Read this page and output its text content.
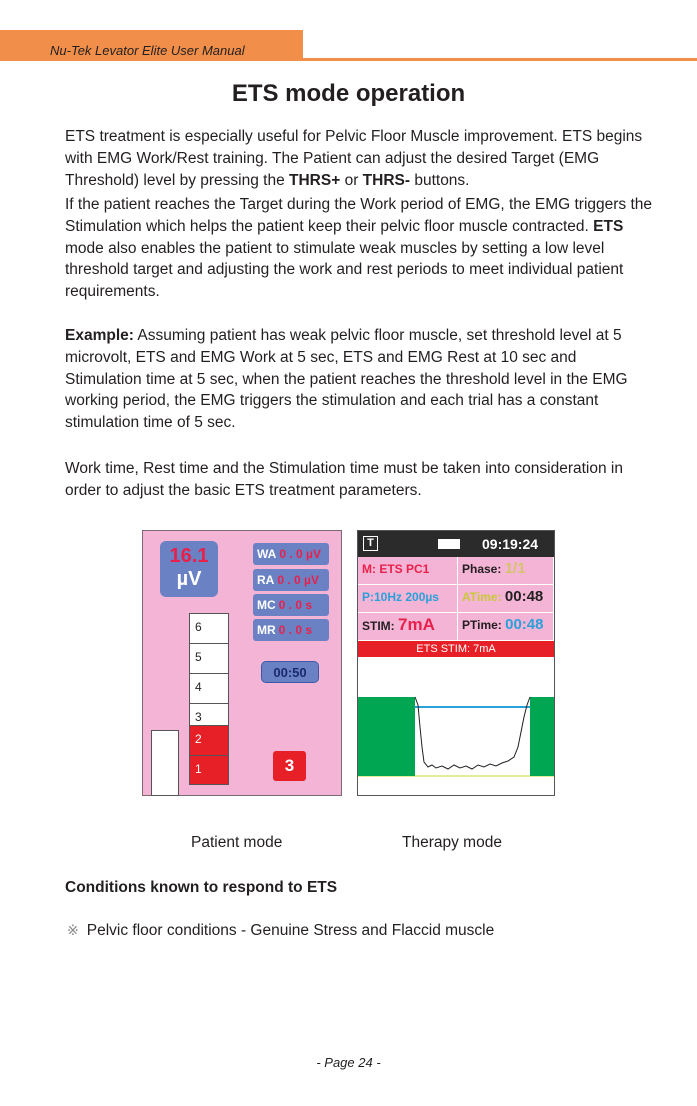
Nu-Tek Levator Elite User Manual
ETS mode operation

ETS treatment is especially useful for Pelvic Floor Muscle improvement. ETS begins with EMG Work/Rest training. The Patient can adjust the desired Target (EMG Threshold) level by pressing the THRS+ or THRS- buttons.

If the patient reaches the Target during the Work period of EMG, the EMG triggers the Stimulation which helps the patient keep their pelvic floor muscle contracted. ETS mode also enables the patient to stimulate weak muscles by setting a low level threshold target and adjusting the work and rest periods to meet individual patient requirements.

Example: Assuming patient has weak pelvic floor muscle, set threshold level at 5 microvolt, ETS and EMG Work at 5 sec, ETS and EMG Rest at 10 sec and Stimulation time at 5 sec, when the patient reaches the threshold level in the EMG working period, the EMG triggers the stimulation and each trial has a constant stimulation time of 5 sec.

Work time, Rest time and the Stimulation time must be taken into consideration in order to adjust the basic ETS treatment parameters.

16.1
µV
WA 0 . 0 µV
RA 0 . 0 µV
MC 0 . 0 s
MR 0 . 0 s
6
5
4
3
2
1
00:50
3
T	09:19:24
M: ETS PC1	Phase: 1/1
P:10Hz 200µs	ATime: 00:48
STIM: 7mA	PTime: 00:48
ETS STIM: 7mA
Patient mode	Therapy mode
Conditions known to respond to ETS
※ Pelvic floor conditions - Genuine Stress and Flaccid muscle
- Page 24 -
